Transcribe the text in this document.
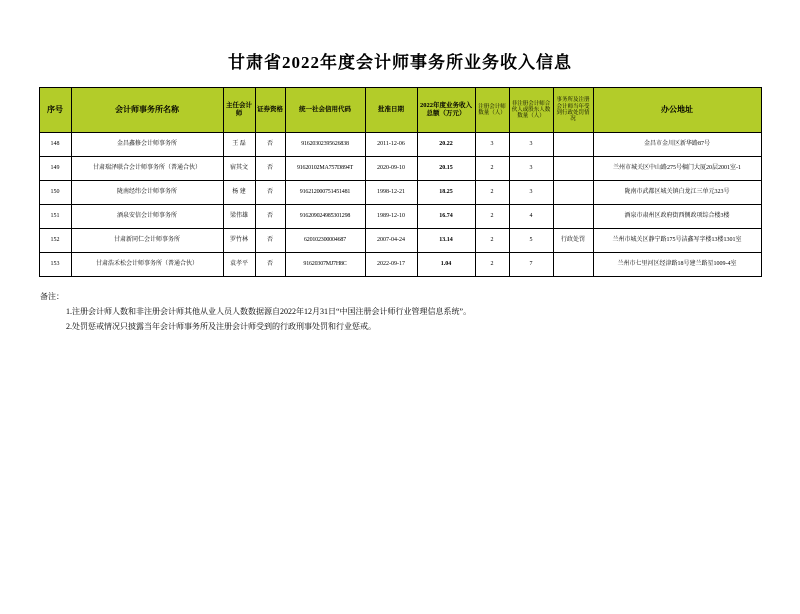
甘肃省2022年度会计师事务所业务收入信息
序号	会计师事务所名称	主任会计师	证券资格	统一社会信用代码	批准日期	2022年度业务收入总额（万元）	注册会计师数量（人）	非注册会计师合伙人或股东人数数量（人）	事务所及注册会计师当年受到行政处罚情况	办公地址
148	金昌鑫修会计师事务所	王 磊	否	91620302395626838	2011-12-06	20.22	3	3		金昌市金川区新华路87号
149	甘肃瑞泽联合会计师事务所（普通合伙）	宿其文	否	91620102MA757D894T	2020-09-10	20.15	2	3		兰州市城关区中山路275号榈门大厦20层2001室-1
150	陇南经纬会计师事务所	杨 建	否	916212000751451481	1998-12-21	18.25	2	3		陇南市武都区城关镇白龙江三单元323号
151	酒泉安信会计师事务所	梁伟雄	否	916209024985301298	1989-12-10	16.74	2	4		酒泉市肃州区政府街西侧政项综合楼3楼
152	甘肃新同仁会计师事务所	罗竹林	否	620102300004687	2007-04-24	13.14	2	5	行政处罚	兰州市城关区静宁路175号洁鑫写字楼13楼1301室
153	甘肃浩禾松会计师事务所（普通合伙）	袁孝平	否	91620307MJ7H8C	2022-09-17	1.04	2	7		兰州市七里河区经津路18号建兰路星1009-4室
备注：
1.注册会计师人数和非注册会计师其他从业人员人数数据源自2022年12月31日“中国注册会计师行业管理信息系统”。
2.处罚惩戒情况只披露当年会计师事务所及注册会计师受到的行政刑事处罚和行业惩戒。
